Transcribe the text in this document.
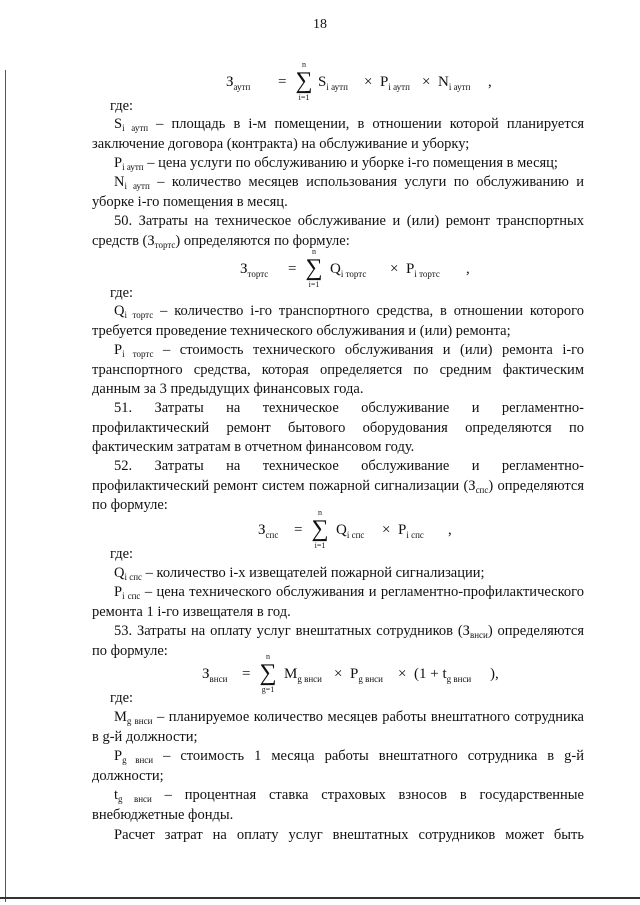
18
$З_{аутп}$ =
n
∑
i=1
$S_{i аутп} \times P_{i аутп} \times N_{i аутп}$ ,
где:
$S_{i аутп}$ – площадь в i-м помещении, в отношении которой планируется заключение договора (контракта) на обслуживание и уборку;
$P_{i аутп}$ – цена услуги по обслуживанию и уборке i-го помещения в месяц;
$N_{i аутп}$ – количество месяцев использования услуги по обслуживанию и уборке i-го помещения в месяц.
50. Затраты на техническое обслуживание и (или) ремонт транспортных средств $(З_{тортс})$ определяются по формуле:
$З_{тортс}$ =
n
∑
i=1
$Q_{i тортс} \times P_{i тортс}$ ,
где:
$Q_{i тортс}$ – количество i-го транспортного средства, в отношении которого требуется проведение технического обслуживания и (или) ремонта;
$P_{i тортс}$ – стоимость технического обслуживания и (или) ремонта i-го транспортного средства, которая определяется по средним фактическим данным за 3 предыдущих финансовых года.
51. Затраты на техническое обслуживание и регламентно-профилактический ремонт бытового оборудования определяются по фактическим затратам в отчетном финансовом году.
52. Затраты на техническое обслуживание и регламентно-профилактический ремонт систем пожарной сигнализации $(З_{спс})$ определяются по формуле:
$З_{спс}$ =
n
∑
i=1
$Q_{i спс} \times P_{i спс}$ ,
где:
$Q_{i спс}$ – количество i-х извещателей пожарной сигнализации;
$P_{i спс}$ – цена технического обслуживания и регламентно-профилактического ремонта 1 i-го извещателя в год.
53. Затраты на оплату услуг внештатных сотрудников $(З_{внси})$ определяются по формуле:
$З_{внси}$ =
n
∑
g=1
$M_{g внси} \times P_{g внси} \times (1 + t_{g внси}$ ),
где:
$M_{g внси}$ – планируемое количество месяцев работы внештатного сотрудника в g-й должности;
$P_{g внси}$ – стоимость 1 месяца работы внештатного сотрудника в g-й должности;
$t_{g внси}$ – процентная ставка страховых взносов в государственные внебюджетные фонды.
Расчет затрат на оплату услуг внештатных сотрудников может быть
